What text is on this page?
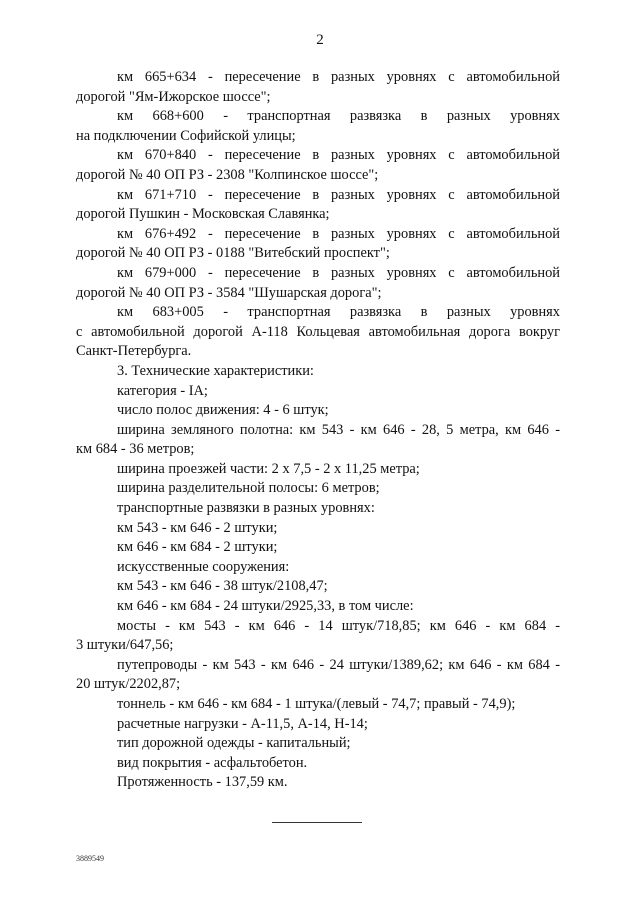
2
км 665+634 - пересечение в разных уровнях с автомобильной
дорогой "Ям-Ижорское шоссе";
км 668+600 - транспортная развязка в разных уровнях
на подключении Софийской улицы;
км 670+840 - пересечение в разных уровнях с автомобильной
дорогой № 40 ОП РЗ - 2308 "Колпинское шоссе";
км 671+710 - пересечение в разных уровнях с автомобильной
дорогой Пушкин - Московская Славянка;
км 676+492 - пересечение в разных уровнях с автомобильной
дорогой № 40 ОП РЗ - 0188 "Витебский проспект";
км 679+000 - пересечение в разных уровнях с автомобильной
дорогой № 40 ОП РЗ - 3584 "Шушарская дорога";
км 683+005 - транспортная развязка в разных уровнях
с автомобильной дорогой А-118 Кольцевая автомобильная дорога вокруг
Санкт-Петербурга.
3. Технические характеристики:
категория - IA;
число полос движения: 4 - 6 штук;
ширина земляного полотна: км 543 - км 646 - 28, 5 метра, км 646 -
км 684 - 36 метров;
ширина проезжей части: 2 х 7,5 - 2 х 11,25 метра;
ширина разделительной полосы: 6 метров;
транспортные развязки в разных уровнях:
км 543 - км 646 - 2 штуки;
км 646 - км 684 - 2 штуки;
искусственные сооружения:
км 543 - км 646 - 38 штук/2108,47;
км 646 - км 684 - 24 штуки/2925,33, в том числе:
мосты - км 543 - км 646 - 14 штук/718,85; км 646 - км 684 -
3 штуки/647,56;
путепроводы - км 543 - км 646 - 24 штуки/1389,62; км 646 - км 684 -
20 штук/2202,87;
тоннель - км 646 - км 684 - 1 штука/(левый - 74,7; правый - 74,9);
расчетные нагрузки - А-11,5, А-14, Н-14;
тип дорожной одежды - капитальный;
вид покрытия - асфальтобетон.
Протяженность - 137,59 км.
3889549
